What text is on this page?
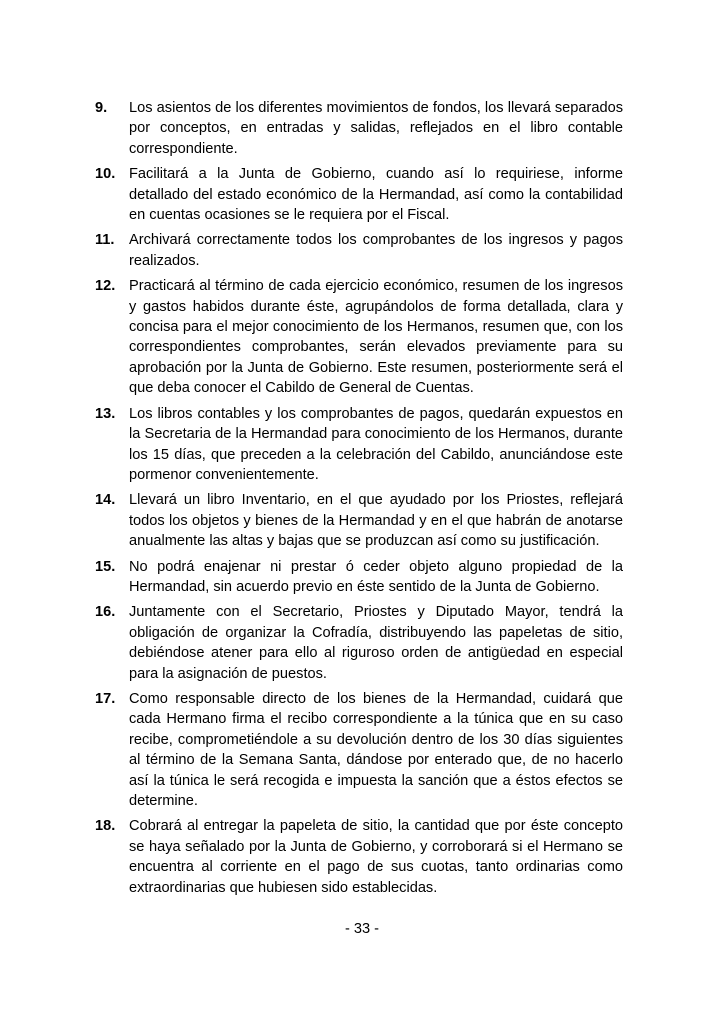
9.	Los asientos de los diferentes movimientos de fondos, los llevará separados por conceptos, en entradas y salidas, reflejados en el libro contable correspondiente.
10. Facilitará a la Junta de Gobierno, cuando así lo requiriese, informe detallado del estado económico de la Hermandad, así como la contabilidad en cuentas ocasiones se le requiera por el Fiscal.
11. Archivará correctamente todos los comprobantes de los ingresos y pagos realizados.
12. Practicará al término de cada ejercicio económico, resumen de los ingresos y gastos habidos durante éste, agrupándolos de forma detallada, clara y concisa para el mejor conocimiento de los Hermanos, resumen que, con los correspondientes comprobantes, serán elevados previamente para su aprobación por la Junta de Gobierno. Este resumen, posteriormente será el que deba conocer el Cabildo de General de Cuentas.
13. Los libros contables y los comprobantes de pagos, quedarán expuestos en la Secretaria de la Hermandad para conocimiento de los Hermanos, durante los 15 días, que preceden a la celebración del Cabildo, anunciándose este pormenor convenientemente.
14. Llevará un libro Inventario, en el que ayudado por los Priostes, reflejará todos los objetos y bienes de la Hermandad y en el que habrán de anotarse anualmente las altas y bajas que se produzcan así como su justificación.
15. No podrá enajenar ni prestar ó ceder objeto alguno propiedad de la Hermandad, sin acuerdo previo en éste sentido de la Junta de Gobierno.
16. Juntamente con el Secretario, Priostes y Diputado Mayor, tendrá la obligación de organizar la Cofradía, distribuyendo las papeletas de sitio, debiéndose atener para ello al riguroso orden de antigüedad en especial para la asignación de puestos.
17. Como responsable directo de los bienes de la Hermandad, cuidará que cada Hermano firma el recibo correspondiente a la túnica que en su caso recibe, comprometiéndole a su devolución dentro de los 30 días siguientes al término de la Semana Santa, dándose por enterado que, de no hacerlo así la túnica le será recogida e impuesta la sanción que a éstos efectos se determine.
18. Cobrará al entregar la papeleta de sitio, la cantidad que por éste concepto se haya señalado por la Junta de Gobierno, y corroborará si el Hermano se encuentra al corriente en el pago de sus cuotas, tanto ordinarias como extraordinarias que hubiesen sido establecidas.
- 33 -
